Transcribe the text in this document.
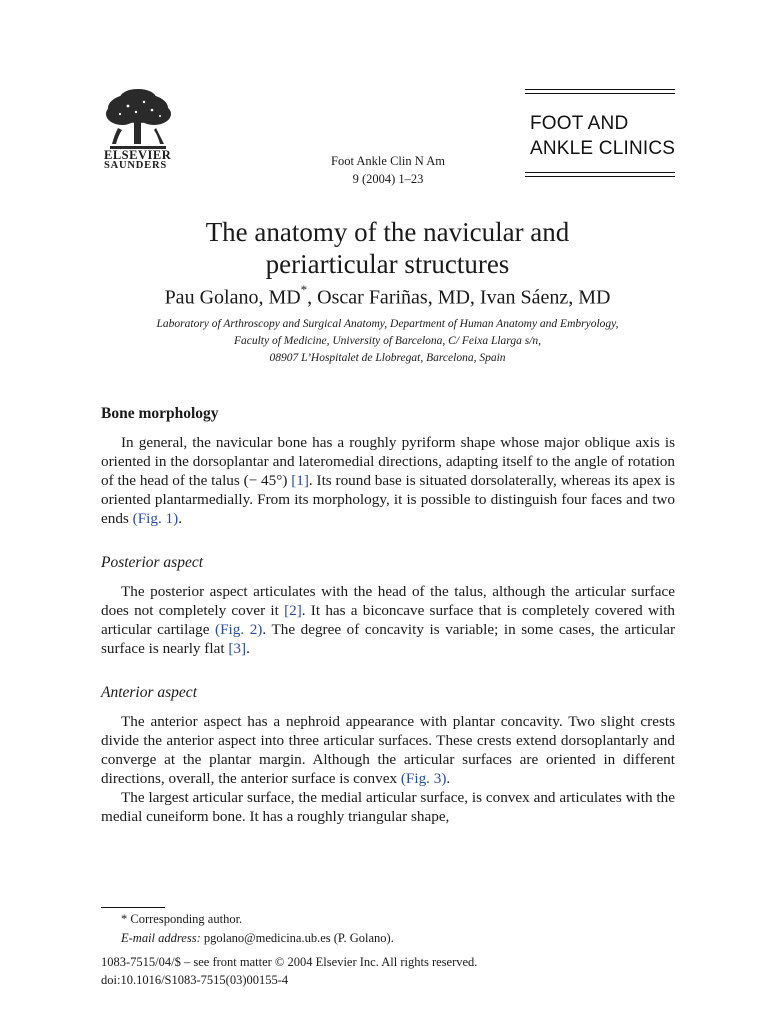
ELSEVIER
SAUNDERS	Foot Ankle Clin N Am
9 (2004) 1–23
FOOT AND
ANKLE CLINICS
The anatomy of the navicular and
periarticular structures
Pau Golano, MD*, Oscar Fariñas, MD, Ivan Sáenz, MD
Laboratory of Arthroscopy and Surgical Anatomy, Department of Human Anatomy and Embryology,
Faculty of Medicine, University of Barcelona, C/ Feixa Llarga s/n,
08907 L’Hospitalet de Llobregat, Barcelona, Spain
Bone morphology

In general, the navicular bone has a roughly pyriform shape whose major oblique axis is oriented in the dorsoplantar and lateromedial directions, adapting itself to the angle of rotation of the head of the talus (− 45°) [1]. Its round base is situated dorsolaterally, whereas its apex is oriented plantarmedially. From its morphology, it is possible to distinguish four faces and two ends (Fig. 1).

Posterior aspect

The posterior aspect articulates with the head of the talus, although the articular surface does not completely cover it [2]. It has a biconcave surface that is completely covered with articular cartilage (Fig. 2). The degree of concavity is variable; in some cases, the articular surface is nearly flat [3].

Anterior aspect

The anterior aspect has a nephroid appearance with plantar concavity. Two slight crests divide the anterior aspect into three articular surfaces. These crests extend dorsoplantarly and converge at the plantar margin. Although the articular surfaces are oriented in different directions, overall, the anterior surface is convex (Fig. 3).

The largest articular surface, the medial articular surface, is convex and articulates with the medial cuneiform bone. It has a roughly triangular shape,

* Corresponding author.
E-mail address: pgolano@medicina.ub.es (P. Golano).
1083-7515/04/$ – see front matter © 2004 Elsevier Inc. All rights reserved.
doi:10.1016/S1083-7515(03)00155-4
